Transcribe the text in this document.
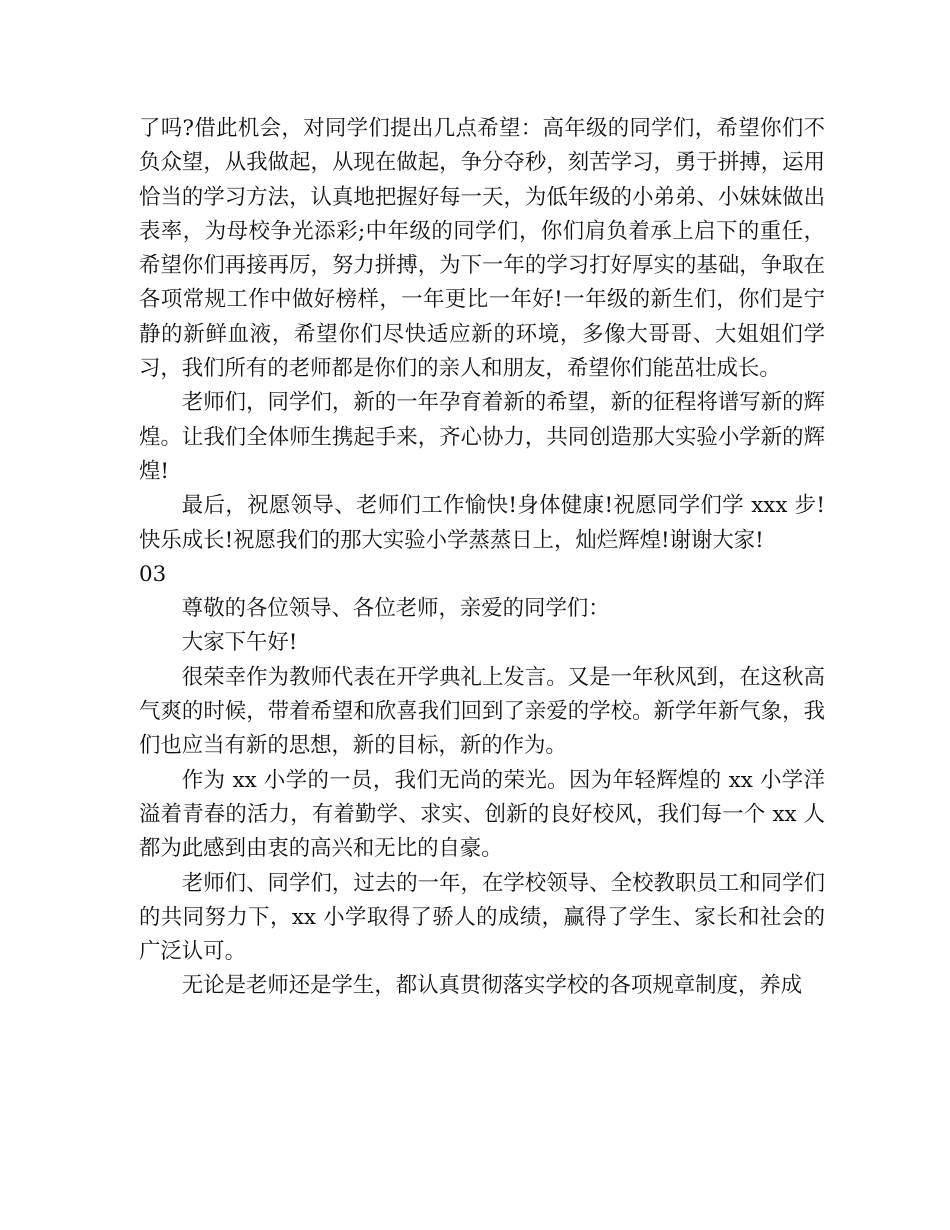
了吗?借此机会，对同学们提出几点希望：高年级的同学们，希望你们不负众望，从我做起，从现在做起，争分夺秒，刻苦学习，勇于拼搏，运用恰当的学习方法，认真地把握好每一天，为低年级的小弟弟、小妹妹做出表率，为母校争光添彩;中年级的同学们，你们肩负着承上启下的重任，希望你们再接再厉，努力拼搏，为下一年的学习打好厚实的基础，争取在各项常规工作中做好榜样，一年更比一年好!一年级的新生们，你们是宁静的新鲜血液，希望你们尽快适应新的环境，多像大哥哥、大姐姐们学习，我们所有的老师都是你们的亲人和朋友，希望你们能茁壮成长。

老师们，同学们，新的一年孕育着新的希望，新的征程将谱写新的辉煌。让我们全体师生携起手来，齐心协力，共同创造那大实验小学新的辉煌!

最后，祝愿领导、老师们工作愉快!身体健康!祝愿同学们学 xxx 步!快乐成长!祝愿我们的那大实验小学蒸蒸日上，灿烂辉煌!谢谢大家!

03

尊敬的各位领导、各位老师，亲爱的同学们：

大家下午好!

很荣幸作为教师代表在开学典礼上发言。又是一年秋风到，在这秋高气爽的时候，带着希望和欣喜我们回到了亲爱的学校。新学年新气象，我们也应当有新的思想，新的目标，新的作为。

作为 xx 小学的一员，我们无尚的荣光。因为年轻辉煌的 xx 小学洋溢着青春的活力，有着勤学、求实、创新的良好校风，我们每一个 xx 人都为此感到由衷的高兴和无比的自豪。

老师们、同学们，过去的一年，在学校领导、全校教职员工和同学们的共同努力下，xx 小学取得了骄人的成绩，赢得了学生、家长和社会的广泛认可。

无论是老师还是学生，都认真贯彻落实学校的各项规章制度，养成
